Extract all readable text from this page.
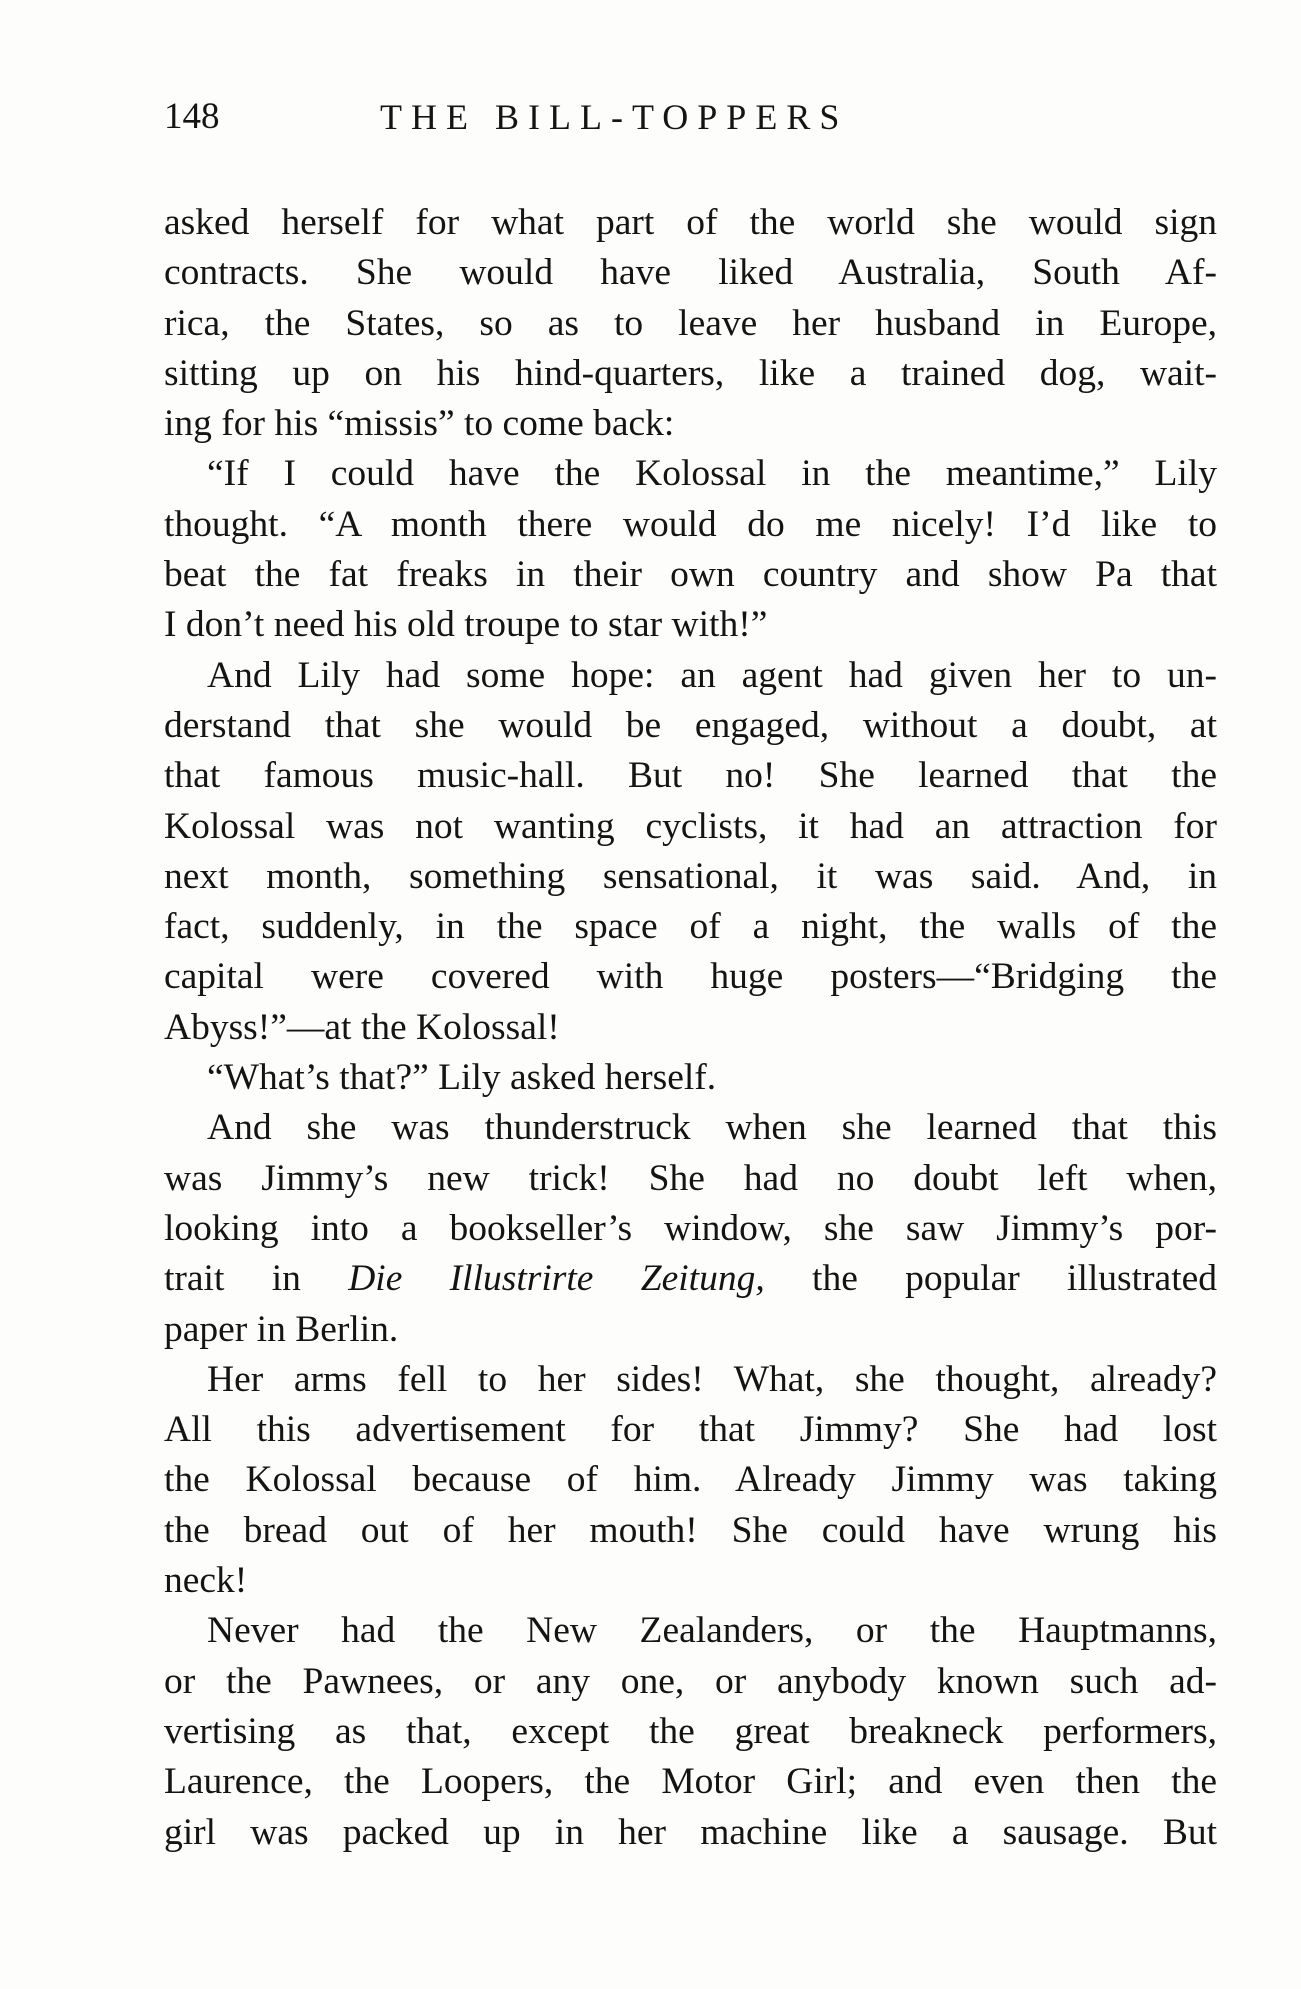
148	THE BILL-TOPPERS
asked herself for what part of the world she would sign
contracts. She would have liked Australia, South Af-
rica, the States, so as to leave her husband in Europe,
sitting up on his hind-quarters, like a trained dog, wait-
ing for his “missis” to come back:
“If I could have the Kolossal in the meantime,” Lily
thought. “A month there would do me nicely! I’d like to
beat the fat freaks in their own country and show Pa that
I don’t need his old troupe to star with!”
And Lily had some hope: an agent had given her to un-
derstand that she would be engaged, without a doubt, at
that famous music-hall. But no! She learned that the
Kolossal was not wanting cyclists, it had an attraction for
next month, something sensational, it was said. And, in
fact, suddenly, in the space of a night, the walls of the
capital were covered with huge posters—“Bridging the
Abyss!”—at the Kolossal!
“What’s that?” Lily asked herself.
And she was thunderstruck when she learned that this
was Jimmy’s new trick! She had no doubt left when,
looking into a bookseller’s window, she saw Jimmy’s por-
trait in Die Illustrirte Zeitung, the popular illustrated
paper in Berlin.
Her arms fell to her sides! What, she thought, already?
All this advertisement for that Jimmy? She had lost
the Kolossal because of him. Already Jimmy was taking
the bread out of her mouth! She could have wrung his
neck!
Never had the New Zealanders, or the Hauptmanns,
or the Pawnees, or any one, or anybody known such ad-
vertising as that, except the great breakneck performers,
Laurence, the Loopers, the Motor Girl; and even then the
girl was packed up in her machine like a sausage. But
